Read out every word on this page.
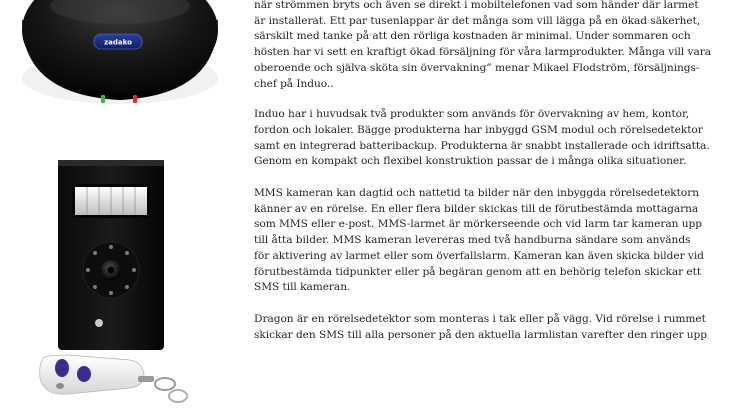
zadako

när strömmen bryts och även se direkt i mobiltelefonen vad som händer där larmet
är installerat. Ett par tusenlappar är det många som vill lägga på en ökad säkerhet,
särskilt med tanke på att den rörliga kostnaden är minimal. Under sommaren och
hösten har vi sett en kraftigt ökad försäljning för våra larmprodukter. Många vill vara
oberoende och själva sköta sin övervakning” menar Mikael Flodström, försäljnings-
chef på Induo..

Induo har i huvudsak två produkter som används för övervakning av hem, kontor,
fordon och lokaler. Bägge produkterna har inbyggd GSM modul och rörelsedetektor
samt en integrerad batteribackup. Produkterna är snabbt installerade och idriftsatta.
Genom en kompakt och flexibel konstruktion passar de i många olika situationer.

MMS kameran kan dagtid och nattetid ta bilder när den inbyggda rörelsedetektorn
känner av en rörelse. En eller flera bilder skickas till de förutbestämda mottagarna
som MMS eller e-post. MMS-larmet är mörkerseende och vid larm tar kameran upp
till åtta bilder. MMS kameran levereras med två handburna sändare som används
för aktivering av larmet eller som överfallslarm. Kameran kan även skicka bilder vid
förutbestämda tidpunkter eller på begäran genom att en behörig telefon skickar ett
SMS till kameran.

Dragon är en rörelsedetektor som monteras i tak eller på vägg. Vid rörelse i rummet
skickar den SMS till alla personer på den aktuella larmlistan varefter den ringer upp
